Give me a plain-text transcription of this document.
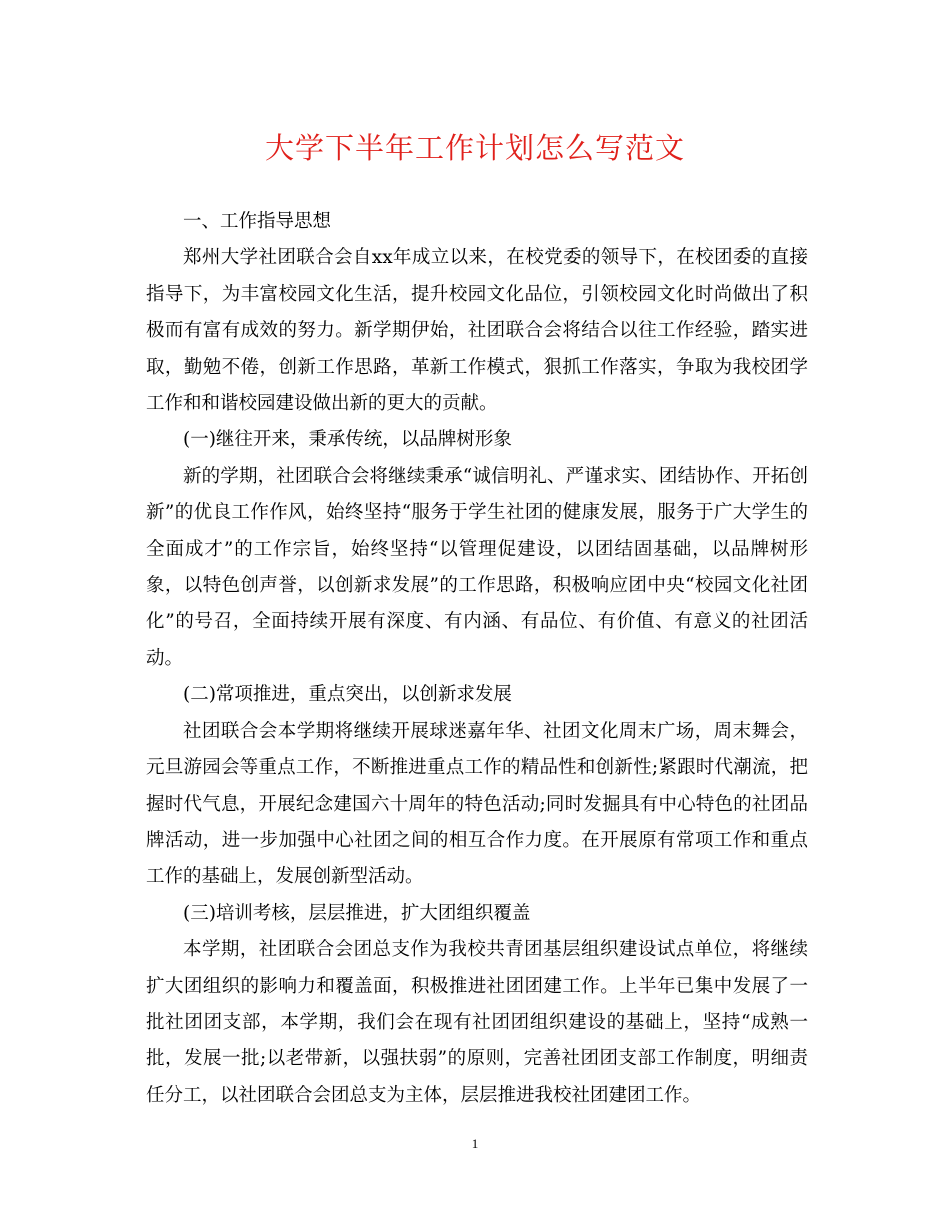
大学下半年工作计划怎么写范文

一、工作指导思想

郑州大学社团联合会自xx年成立以来，在校党委的领导下，在校团委的直接指导下，为丰富校园文化生活，提升校园文化品位，引领校园文化时尚做出了积极而有富有成效的努力。新学期伊始，社团联合会将结合以往工作经验，踏实进取，勤勉不倦，创新工作思路，革新工作模式，狠抓工作落实，争取为我校团学工作和和谐校园建设做出新的更大的贡献。

(一)继往开来，秉承传统，以品牌树形象

新的学期，社团联合会将继续秉承“诚信明礼、严谨求实、团结协作、开拓创新”的优良工作作风，始终坚持“服务于学生社团的健康发展，服务于广大学生的全面成才”的工作宗旨，始终坚持“以管理促建设，以团结固基础，以品牌树形象，以特色创声誉，以创新求发展”的工作思路，积极响应团中央“校园文化社团化”的号召，全面持续开展有深度、有内涵、有品位、有价值、有意义的社团活动。

(二)常项推进，重点突出，以创新求发展

社团联合会本学期将继续开展球迷嘉年华、社团文化周末广场，周末舞会，元旦游园会等重点工作，不断推进重点工作的精品性和创新性;紧跟时代潮流，把握时代气息，开展纪念建国六十周年的特色活动;同时发掘具有中心特色的社团品牌活动，进一步加强中心社团之间的相互合作力度。在开展原有常项工作和重点工作的基础上，发展创新型活动。

(三)培训考核，层层推进，扩大团组织覆盖

本学期，社团联合会团总支作为我校共青团基层组织建设试点单位，将继续扩大团组织的影响力和覆盖面，积极推进社团团建工作。上半年已集中发展了一批社团团支部，本学期，我们会在现有社团团组织建设的基础上，坚持“成熟一批，发展一批;以老带新，以强扶弱”的原则，完善社团团支部工作制度，明细责任分工，以社团联合会团总支为主体，层层推进我校社团建团工作。

1
